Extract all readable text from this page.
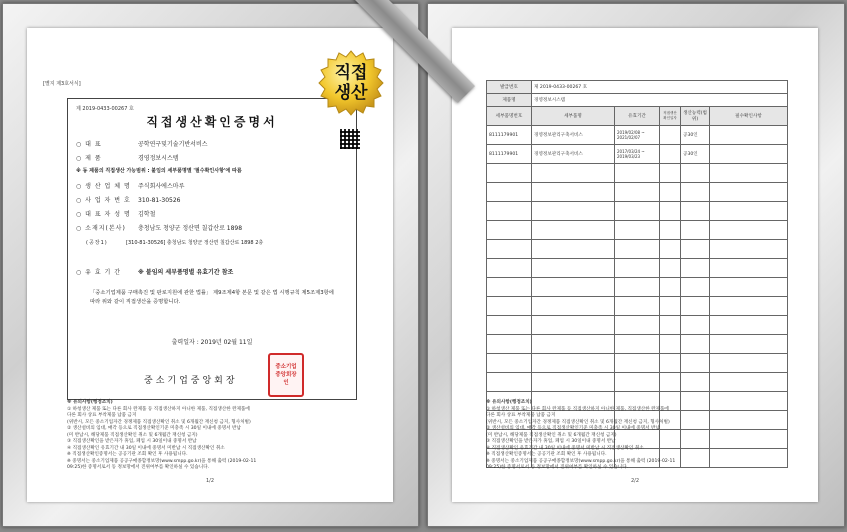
[별지 제3호서식]
제 2019-0433-00267 호
직접생산확인증명서
○ 대 표	공학연구및기술기반서비스
○ 제 품	경영정보시스템
※ 동 제품의 직접생산 가능범위 : 붙임의 세부품명별 '필수확인사항'에 따름
○ 생 산 업 체 명 주식회사에스마루
○ 사 업 자 번 호 310-81-30526
○ 대 표 자 성 명 김학철
○ 소재지(본사) 충청남도 청양군 정산면 칠갑산로 1898
(공장1)	[310-81-30526] 충청남도 청양군 정산면 칠갑산로 1898 2층
○ 유 효 기 간	※ 붙임의 세부품명별 유효기간 참조
「중소기업제품 구매촉진 및 판로지원에 관한 법률」 제9조제4항 본문 및 같은 법 시행규칙 제5조제3항에 따라 위와 같이 직접생산을 증명합니다.
출력일자 : 2019년 02월 11일
중소기업중앙회장
중소기업중앙회장인

※ 유의사항(행정조치)

① 하청생산 제품 또는 다른 회사 완제품 등 직접생산하지 아니한 제품, 직접생산한 완제품에

다른 회사 상표 부착제품 납품 금지

(위반시, 모든 중소기업자간 경쟁제품 직접생산확인 취소 및 6개월간 재신청 금지, 형사처벌)

② 생산설비의 임대, 매각 등으로 직접생산확인기준 미충족 시 30일 이내에 중명서 반납

(미 반납시, 해당제품 직접생산확인 취소 및 6개월간 재신청 금지)

③ 직접생산확인을 받은자가 휴업, 폐업 시 30일이내 중명서 반납

④ 직접생산확인 유효기간 내 30일 이내에 중명서 미반납 시 직접생산확인 취소

※ 직접생산확인증명서는 공공기관 조회 확인 후 사용됩니다.

※ 중명서는 중소기업제품 공공구매종합정보망(www.smpp.go.kr)을 통해 출력 (2019-02-11

09:25)한 증명서로서 동 정보망에서 진위여부를 확인하실 수 있습니다.

1/2
발급번호	제 2019-0433-00267 호				
제품명	경영정보시스템				
세부품명번호	세부품명	유효기간	직접생산확인일자	생산능력(범위)	필수확인사항
8111179901	경영정보관리구축서비스	2019/02/08 ~ 2021/02/07		공30인	
8111179901	경영정보관리구축서비스	2017/03/24 ~ 2019/03/23		공30인	

※ 유의사항(행정조치)

① 하청생산 제품 또는 다른 회사 완제품 등 직접생산하지 아니한 제품, 직접생산한 완제품에

다른 회사 상표 부착제품 납품 금지

(위반시, 모든 중소기업자간 경쟁제품 직접생산확인 취소 및 6개월간 재신청 금지, 형사처벌)

② 생산설비의 임대, 매각 등으로 직접생산확인기준 미충족 시 30일 이내에 중명서 반납

(미 반납시, 해당제품 직접생산확인 취소 및 6개월간 재신청 금지)

③ 직접생산확인을 받은자가 휴업, 폐업 시 30일이내 중명서 반납

④ 직접생산확인 유효기간 내 30일 이내에 중명서 미반납 시 직접생산확인 취소

※ 직접생산확인증명서는 공공기관 조회 확인 후 사용됩니다.

※ 중명서는 중소기업제품 공공구매종합정보망(www.smpp.go.kr)을 통해 출력 (2019-02-11

09:25)한 증명서로서 동 정보망에서 진위여부를 확인하실 수 있습니다.

2/2
직접
생산
